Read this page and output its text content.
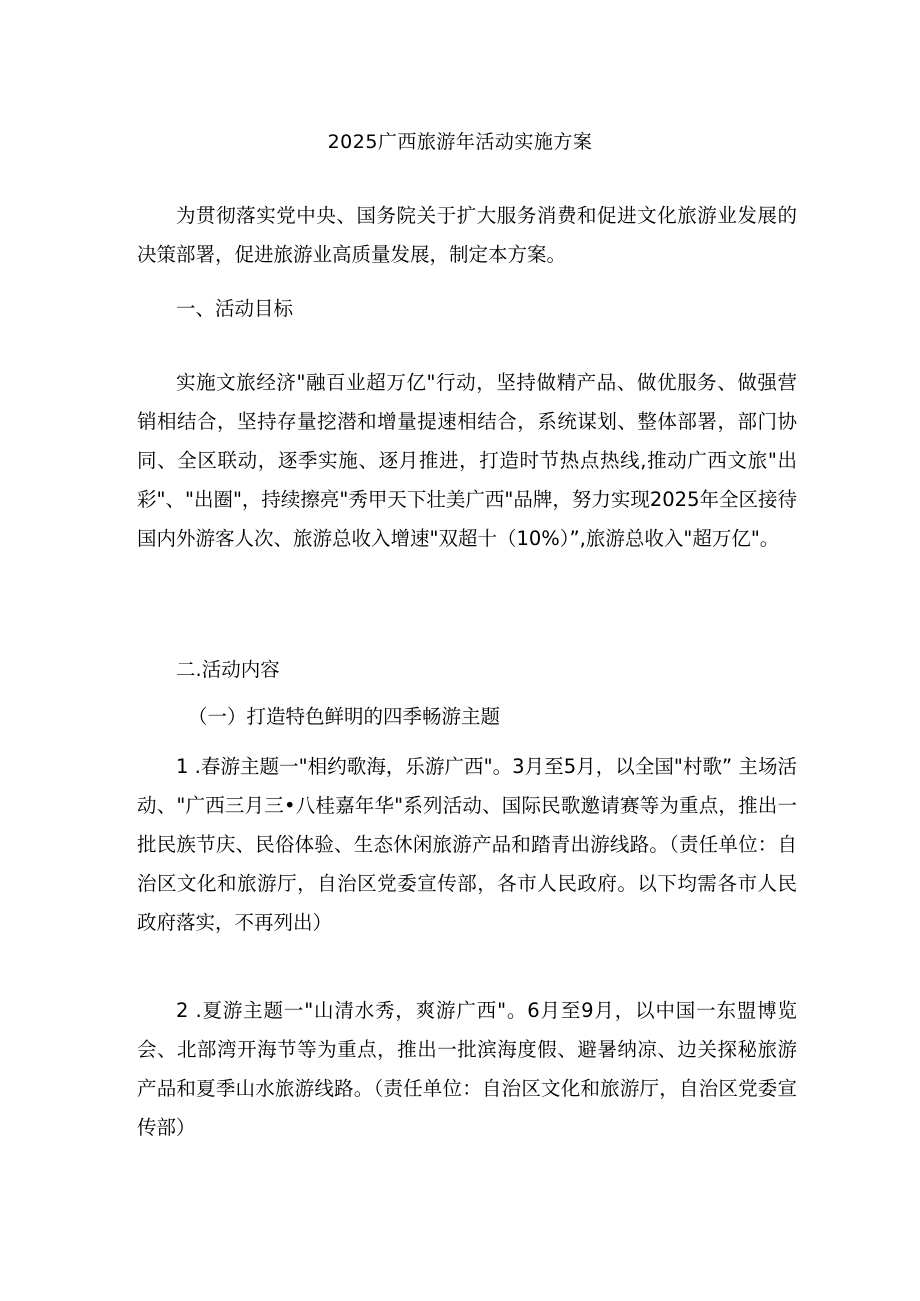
2025广西旅游年活动实施方案

为贯彻落实党中央、国务院关于扩大服务消费和促进文化旅游业发展的决策部署，促进旅游业高质量发展，制定本方案。

一、活动目标

实施文旅经济"融百业超万亿"行动，坚持做精产品、做优服务、做强营销相结合，坚持存量挖潜和增量提速相结合，系统谋划、整体部署，部门协同、全区联动，逐季实施、逐月推进，打造时节热点热线,推动广西文旅"出彩"、"出圈"，持续擦亮"秀甲天下壮美广西"品牌，努力实现2025年全区接待国内外游客人次、旅游总收入增速"双超十（10%）”,旅游总收入"超万亿"。

二.活动内容

（一）打造特色鲜明的四季畅游主题

1 .春游主题一"相约歌海，乐游广西"。3月至5月，以全国"村歌” 主场活动、"广西三月三•八桂嘉年华"系列活动、国际民歌邀请赛等为重点，推出一批民族节庆、民俗体验、生态休闲旅游产品和踏青出游线路。（责任单位：自治区文化和旅游厅，自治区党委宣传部，各市人民政府。以下均需各市人民政府落实，不再列出）

2 .夏游主题一"山清水秀，爽游广西"。6月至9月，以中国一东盟博览会、北部湾开海节等为重点，推出一批滨海度假、避暑纳凉、边关探秘旅游产品和夏季山水旅游线路。（责任单位：自治区文化和旅游厅，自治区党委宣传部）
